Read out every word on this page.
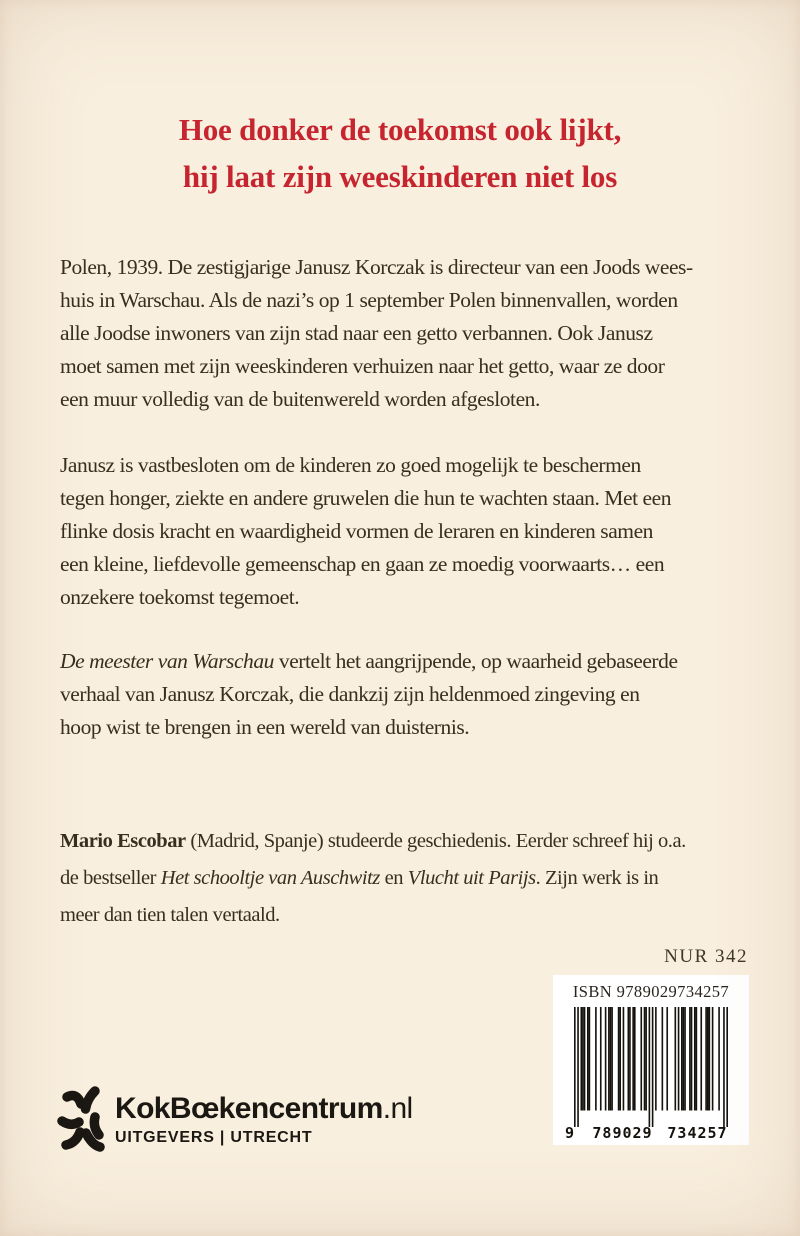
Hoe donker de toekomst ook lijkt,
hij laat zijn weeskinderen niet los
Polen, 1939. De zestigjarige Janusz Korczak is directeur van een Joods wees-
huis in Warschau. Als de nazi’s op 1 september Polen binnenvallen, worden
alle Joodse inwoners van zijn stad naar een getto verbannen. Ook Janusz
moet samen met zijn weeskinderen verhuizen naar het getto, waar ze door
een muur volledig van de buitenwereld worden afgesloten.
Janusz is vastbesloten om de kinderen zo goed mogelijk te beschermen
tegen honger, ziekte en andere gruwelen die hun te wachten staan. Met een
flinke dosis kracht en waardigheid vormen de leraren en kinderen samen
een kleine, liefdevolle gemeenschap en gaan ze moedig voorwaarts… een
onzekere toekomst tegemoet.
De meester van Warschau vertelt het aangrijpende, op waarheid gebaseerde
verhaal van Janusz Korczak, die dankzij zijn heldenmoed zingeving en
hoop wist te brengen in een wereld van duisternis.
Mario Escobar (Madrid, Spanje) studeerde geschiedenis. Eerder schreef hij o.a.
de bestseller Het schooltje van Auschwitz en Vlucht uit Parijs. Zijn werk is in
meer dan tien talen vertaald.
NUR 342
ISBN 9789029734257
9	789029 734257
KokBœkencentrum.nl
UITGEVERS | UTRECHT
